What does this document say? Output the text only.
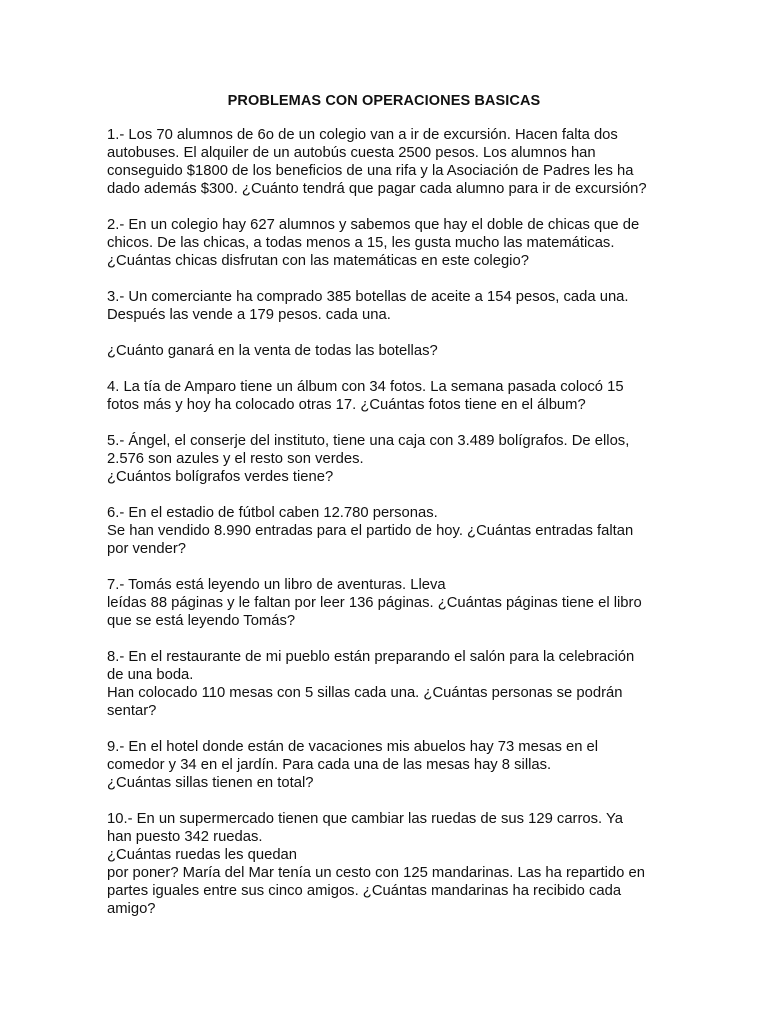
PROBLEMAS CON OPERACIONES BASICAS
1.- Los 70 alumnos de 6o de un colegio van a ir de excursión. Hacen falta dos
autobuses. El alquiler de un autobús cuesta 2500 pesos. Los alumnos han
conseguido $1800 de los beneficios de una rifa y la Asociación de Padres les ha
dado además $300. ¿Cuánto tendrá que pagar cada alumno para ir de excursión?
2.- En un colegio hay 627 alumnos y sabemos que hay el doble de chicas que de
chicos. De las chicas, a todas menos a 15, les gusta mucho las matemáticas.
¿Cuántas chicas disfrutan con las matemáticas en este colegio?
3.- Un comerciante ha comprado 385 botellas de aceite a 154 pesos, cada una.
Después las vende a 179 pesos. cada una.
¿Cuánto ganará en la venta de todas las botellas?
4. La tía de Amparo tiene un álbum con 34 fotos. La semana pasada colocó 15
fotos más y hoy ha colocado otras 17. ¿Cuántas fotos tiene en el álbum?
5.- Ángel, el conserje del instituto, tiene una caja con 3.489 bolígrafos. De ellos,
2.576 son azules y el resto son verdes.
¿Cuántos bolígrafos verdes tiene?
6.- En el estadio de fútbol caben 12.780 personas.
Se han vendido 8.990 entradas para el partido de hoy. ¿Cuántas entradas faltan
por vender?
7.- Tomás está leyendo un libro de aventuras. Lleva
leídas 88 páginas y le faltan por leer 136 páginas. ¿Cuántas páginas tiene el libro
que se está leyendo Tomás?
8.- En el restaurante de mi pueblo están preparando el salón para la celebración
de una boda.
Han colocado 110 mesas con 5 sillas cada una. ¿Cuántas personas se podrán
sentar?
9.- En el hotel donde están de vacaciones mis abuelos hay 73 mesas en el
comedor y 34 en el jardín. Para cada una de las mesas hay 8 sillas.
¿Cuántas sillas tienen en total?
10.- En un supermercado tienen que cambiar las ruedas de sus 129 carros. Ya
han puesto 342 ruedas.
¿Cuántas ruedas les quedan
por poner? María del Mar tenía un cesto con 125 mandarinas. Las ha repartido en
partes iguales entre sus cinco amigos. ¿Cuántas mandarinas ha recibido cada
amigo?
